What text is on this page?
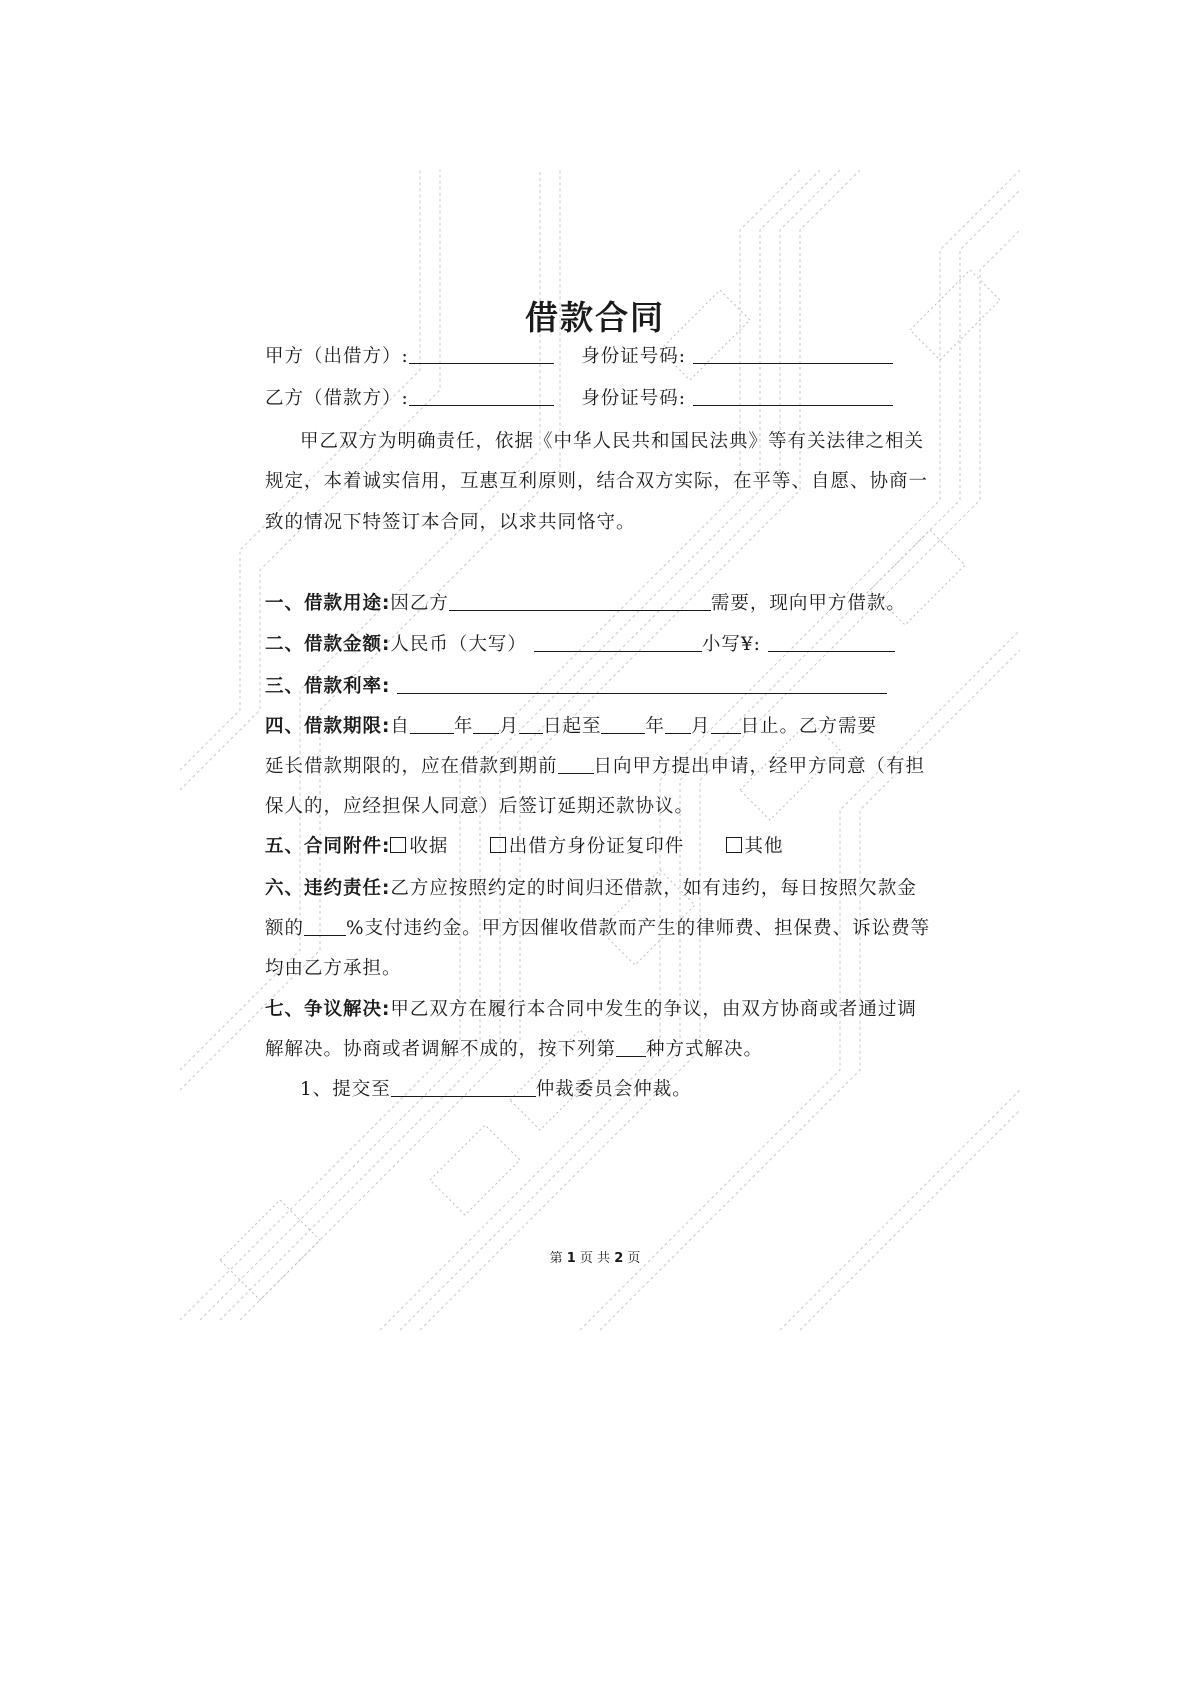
借款合同
甲方（出借方）:	身份证号码:
乙方（借款方）:	身份证号码:
甲乙双方为明确责任，依据《中华人民共和国民法典》等有关法律之相关
规定，本着诚实信用，互惠互利原则，结合双方实际，在平等、自愿、协商一
致的情况下特签订本合同，以求共同恪守。
一、借款用途:因乙方	需要，现向甲方借款。
二、借款金额:人民币（大写）	小写¥:
三、借款利率:
四、借款期限:自 年 月 日起至 年 月 日止。乙方需要
延长借款期限的，应在借款到期前 日向甲方提出申请，经甲方同意（有担
保人的，应经担保人同意）后签订延期还款协议。
五、合同附件: 收据	出借方身份证复印件	其他
六、违约责任:乙方应按照约定的时间归还借款，如有违约，每日按照欠款金
额的 %支付违约金。甲方因催收借款而产生的律师费、担保费、诉讼费等
均由乙方承担。
七、争议解决:甲乙双方在履行本合同中发生的争议，由双方协商或者通过调
解解决。协商或者调解不成的，按下列第 种方式解决。
1、提交至	仲裁委员会仲裁。
第 1 页 共 2 页
